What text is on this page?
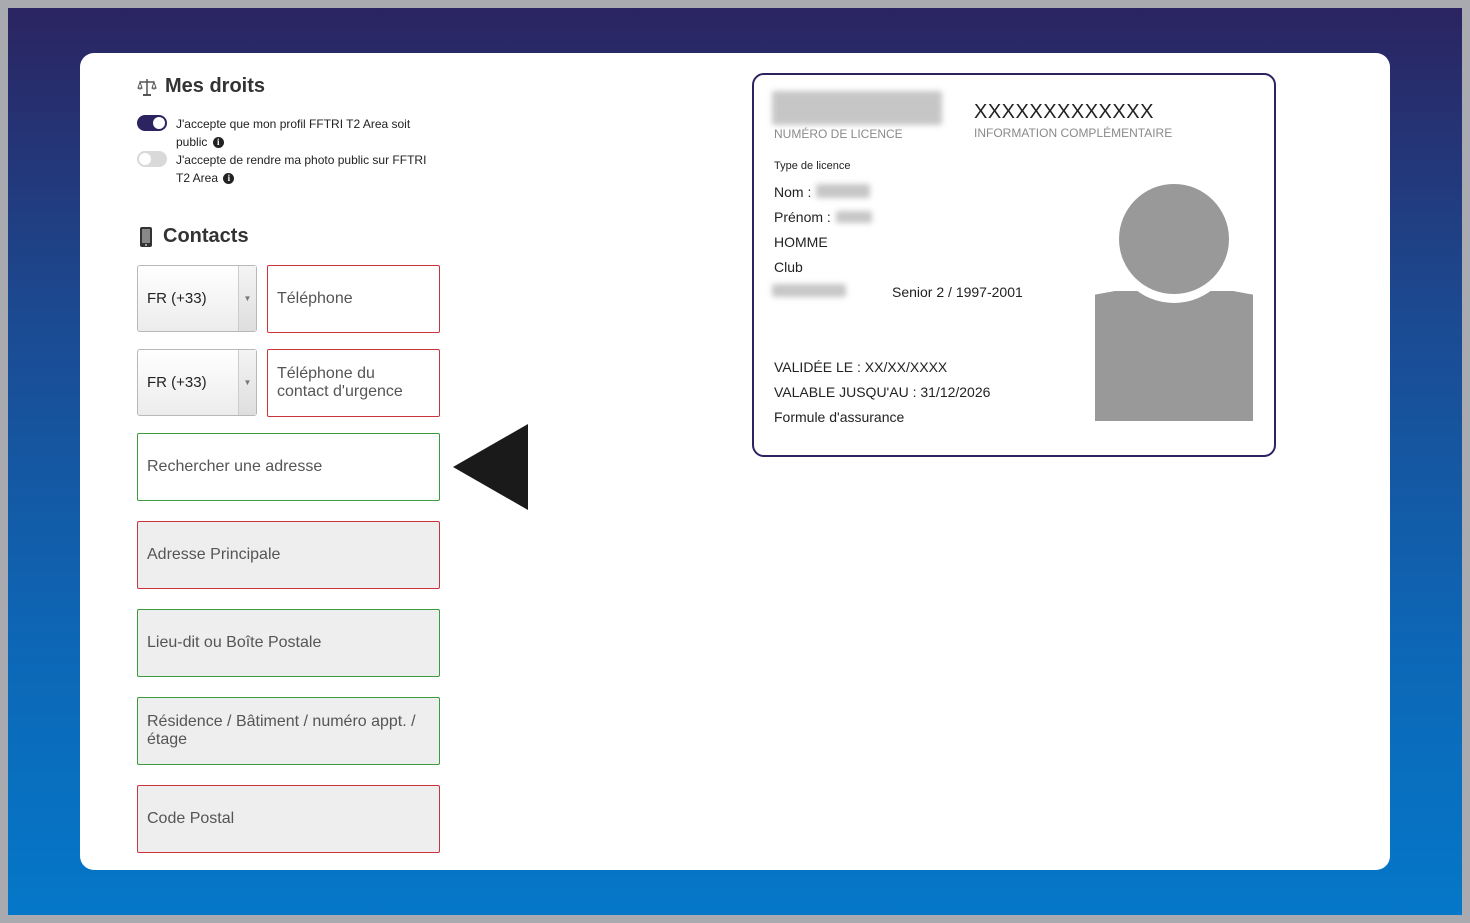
Mes droits
J'accepte que mon profil FFTRI T2 Area soit
public i
J'accepte de rendre ma photo public sur FFTRI
T2 Area i
Contacts
FR (+33)	▼ Téléphone
FR (+33)	▼
Téléphone du contact d'urgence
Rechercher une adresse
Adresse Principale
Lieu-dit ou Boîte Postale
Résidence / Bâtiment / numéro appt. / étage
Code Postal
NUMÉRO DE LICENCE
XXXXXXXXXXXXX
INFORMATION COMPLÉMENTAIRE
Type de licence
Nom :
Prénom :
HOMME
Club
Senior 2 / 1997-2001
VALIDÉE LE : XX/XX/XXXX
VALABLE JUSQU'AU : 31/12/2026
Formule d'assurance
